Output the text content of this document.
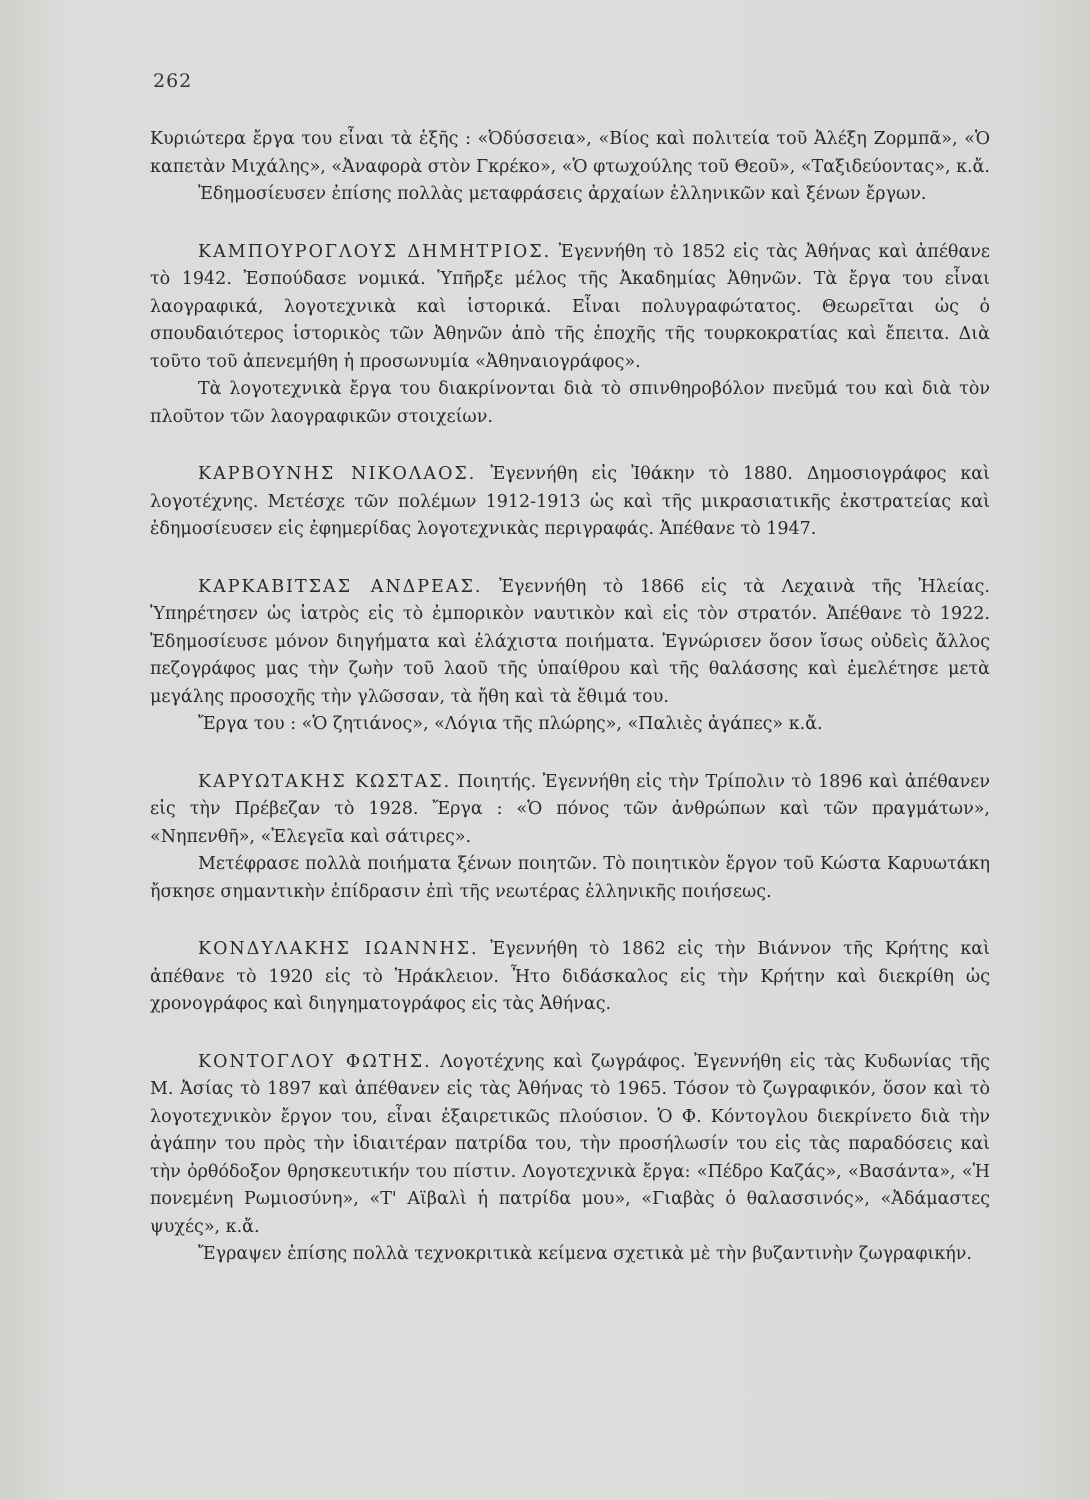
262

Κυριώτερα ἔργα του εἶναι τὰ ἑξῆς : «Ὀδύσσεια», «Βίος καὶ πολιτεία τοῦ Ἀλέξη Ζορμπᾶ», «Ὁ καπετὰν Μιχάλης», «Ἀναφορὰ στὸν Γκρέκο», «Ὁ φτωχούλης τοῦ Θεοῦ», «Ταξιδεύοντας», κ.ἄ.

Ἐδημοσίευσεν ἐπίσης πολλὰς μεταφράσεις ἀρχαίων ἑλληνικῶν καὶ ξένων ἔργων.

ΚΑΜΠΟΥΡΟΓΛΟΥΣ ΔΗΜΗΤΡΙΟΣ. Ἐγεννήθη τὸ 1852 εἰς τὰς Ἀθήνας καὶ ἀπέθανε τὸ 1942. Ἐσπούδασε νομικά. Ὑπῆρξε μέλος τῆς Ἀκαδημίας Ἀθηνῶν. Τὰ ἔργα του εἶναι λαογραφικά, λογοτεχνικὰ καὶ ἱστορικά. Εἶναι πολυγραφώτατος. Θεωρεῖται ὡς ὁ σπουδαιότερος ἱστορικὸς τῶν Ἀθηνῶν ἀπὸ τῆς ἐποχῆς τῆς τουρκοκρατίας καὶ ἔπειτα. Διὰ τοῦτο τοῦ ἀπενεμήθη ἡ προσωνυμία «Ἀθηναιογράφος».

Τὰ λογοτεχνικὰ ἔργα του διακρίνονται διὰ τὸ σπινθηροβόλον πνεῦμά του καὶ διὰ τὸν πλοῦτον τῶν λαογραφικῶν στοιχείων.

ΚΑΡΒΟΥΝΗΣ ΝΙΚΟΛΑΟΣ. Ἐγεννήθη εἰς Ἰθάκην τὸ 1880. Δημοσιογράφος καὶ λογοτέχνης. Μετέσχε τῶν πολέμων 1912-1913 ὡς καὶ τῆς μικρασιατικῆς ἐκστρατείας καὶ ἐδημοσίευσεν εἰς ἐφημερίδας λογοτεχνικὰς περιγραφάς. Ἀπέθανε τὸ 1947.

ΚΑΡΚΑΒΙΤΣΑΣ ΑΝΔΡΕΑΣ. Ἐγεννήθη τὸ 1866 εἰς τὰ Λεχαινὰ τῆς Ἠλείας. Ὑπηρέτησεν ὡς ἰατρὸς εἰς τὸ ἐμπορικὸν ναυτικὸν καὶ εἰς τὸν στρατόν. Ἀπέθανε τὸ 1922. Ἐδημοσίευσε μόνον διηγήματα καὶ ἐλάχιστα ποιήματα. Ἐγνώρισεν ὅσον ἴσως οὐδεὶς ἄλλος πεζογράφος μας τὴν ζωὴν τοῦ λαοῦ τῆς ὑπαίθρου καὶ τῆς θαλάσσης καὶ ἐμελέτησε μετὰ μεγάλης προσοχῆς τὴν γλῶσσαν, τὰ ἤθη καὶ τὰ ἔθιμά του.

Ἔργα του : «Ὁ ζητιάνος», «Λόγια τῆς πλώρης», «Παλιὲς ἀγάπες» κ.ἄ.

ΚΑΡΥΩΤΑΚΗΣ ΚΩΣΤΑΣ. Ποιητής. Ἐγεννήθη εἰς τὴν Τρίπολιν τὸ 1896 καὶ ἀπέθανεν εἰς τὴν Πρέβεζαν τὸ 1928. Ἔργα : «Ὁ πόνος τῶν ἀνθρώπων καὶ τῶν πραγμάτων», «Νηπενθῆ», «Ἐλεγεῖα καὶ σάτιρες».

Μετέφρασε πολλὰ ποιήματα ξένων ποιητῶν. Τὸ ποιητικὸν ἔργον τοῦ Κώστα Καρυωτάκη ἤσκησε σημαντικὴν ἐπίδρασιν ἐπὶ τῆς νεωτέρας ἑλληνικῆς ποιήσεως.

ΚΟΝΔΥΛΑΚΗΣ ΙΩΑΝΝΗΣ. Ἐγεννήθη τὸ 1862 εἰς τὴν Βιάννον τῆς Κρήτης καὶ ἀπέθανε τὸ 1920 εἰς τὸ Ἡράκλειον. Ἦτο διδάσκαλος εἰς τὴν Κρήτην καὶ διεκρίθη ὡς χρονογράφος καὶ διηγηματογράφος εἰς τὰς Ἀθήνας.

ΚΟΝΤΟΓΛΟΥ ΦΩΤΗΣ. Λογοτέχνης καὶ ζωγράφος. Ἐγεννήθη εἰς τὰς Κυδωνίας τῆς Μ. Ἀσίας τὸ 1897 καὶ ἀπέθανεν εἰς τὰς Ἀθήνας τὸ 1965. Τόσον τὸ ζωγραφικόν, ὅσον καὶ τὸ λογοτεχνικὸν ἔργον του, εἶναι ἐξαιρετικῶς πλούσιον. Ὁ Φ. Κόντογλου διεκρίνετο διὰ τὴν ἀγάπην του πρὸς τὴν ἰδιαιτέραν πατρίδα του, τὴν προσήλωσίν του εἰς τὰς παραδόσεις καὶ τὴν ὀρθόδοξον θρησκευτικήν του πίστιν. Λογοτεχνικὰ ἔργα: «Πέδρο Καζάς», «Βασάντα», «Ἡ πονεμένη Ρωμιοσύνη», «Τ' Αϊβαλὶ ἡ πατρίδα μου», «Γιαβὰς ὁ θαλασσινός», «Ἀδάμαστες ψυχές», κ.ἄ.

Ἔγραψεν ἐπίσης πολλὰ τεχνοκριτικὰ κείμενα σχετικὰ μὲ τὴν βυζαντινὴν ζωγραφικήν.
